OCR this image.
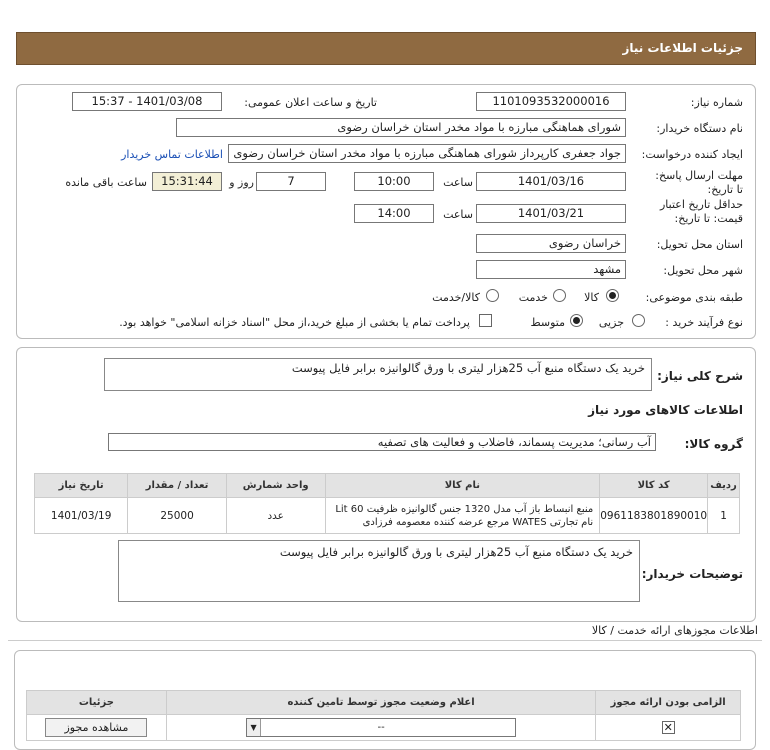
جزئیات اطلاعات نیاز
شماره نیاز:
1101093532000016
تاریخ و ساعت اعلان عمومی:
1401/03/08 - 15:37
نام دستگاه خریدار:
شورای هماهنگی مبارزه با مواد مخدر استان خراسان رضوی
ایجاد کننده درخواست:
جواد جعفری کارپرداز شورای هماهنگی مبارزه با مواد مخدر استان خراسان رضوی
اطلاعات تماس خریدار
مهلت ارسال پاسخ: تا تاریخ:
1401/03/16
ساعت
10:00
7
روز و
15:31:44
ساعت باقی مانده
حداقل تاریخ اعتبار قیمت: تا تاریخ:
1401/03/21
ساعت
14:00
استان محل تحویل:
خراسان رضوی
شهر محل تحویل:
مشهد
طبقه بندی موضوعی:
کالا
خدمت
کالا/خدمت
نوع فرآیند خرید :
جزیی
متوسط
پرداخت تمام یا بخشی از مبلغ خرید،از محل "اسناد خزانه اسلامی" خواهد بود.
شرح کلی نیاز:
خرید یک دستگاه منبع آب 25هزار لیتری با ورق گالوانیزه برابر فایل پیوست
اطلاعات کالاهای مورد نیاز
گروه کالا:
آب رسانی؛ مدیریت پسماند، فاضلاب و فعالیت های تصفیه
ردیف	کد کالا	نام کالا	واحد شمارش	تعداد / مقدار	تاریخ نیاز
1	0961183801890010	منبع انبساط باز آب مدل 1320 جنس گالوانیزه ظرفیت Lit 60
نام تجارتی WATES مرجع عرضه کننده معصومه فرزادی	عدد	25000	1401/03/19
توضیحات خریدار:
خرید یک دستگاه منبع آب 25هزار لیتری با ورق گالوانیزه برابر فایل پیوست
اطلاعات مجوزهای ارائه خدمت / کالا
الزامی بودن ارائه مجوز	اعلام وضعیت مجوز توسط تامین کننده	جزئیات
✕	▼ --	مشاهده مجوز
